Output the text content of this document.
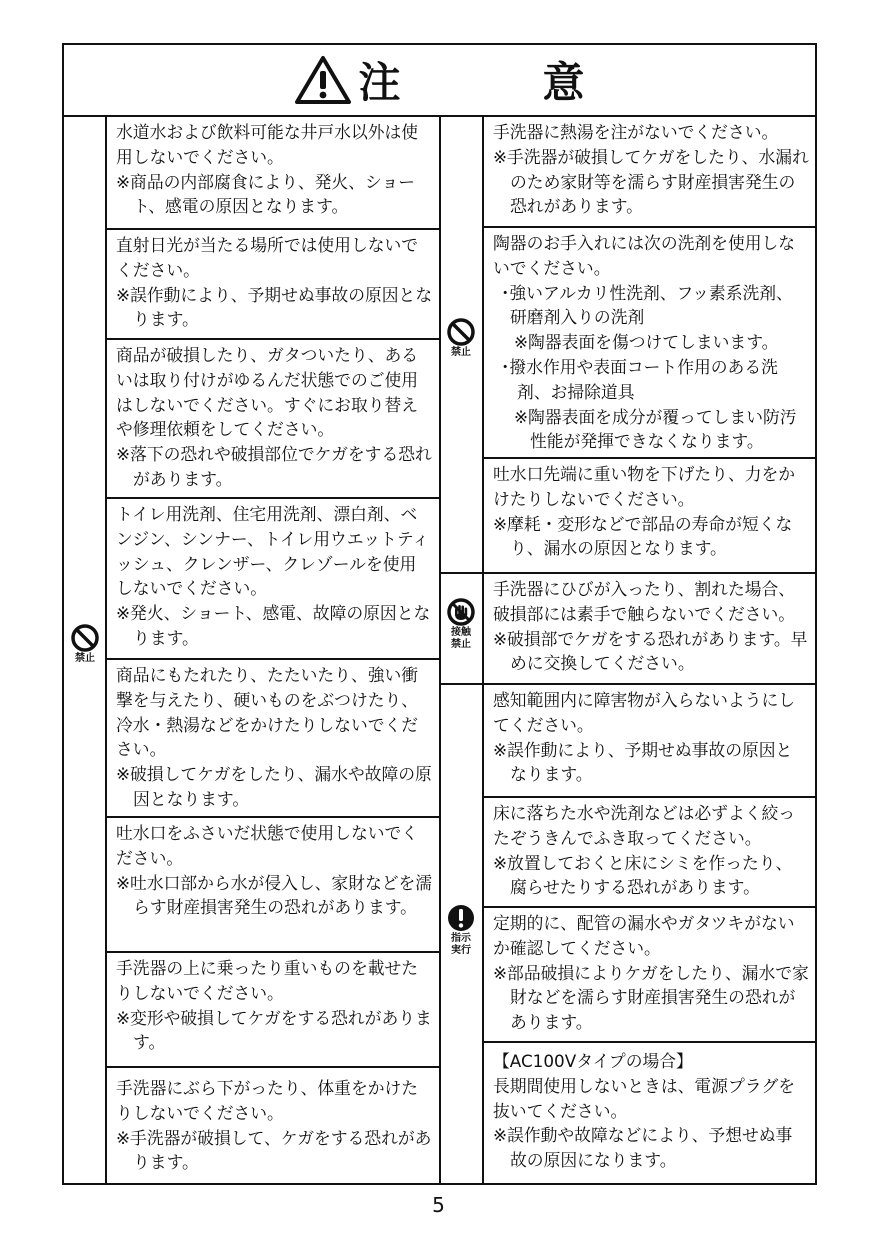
注　意
禁止
禁止
接触禁止
指示実行

水道水および飲料可能な井戸水以外は使用しないでください。

※商品の内部腐食により、発火、ショート、感電の原因となります。

直射日光が当たる場所では使用しないでください。

※誤作動により、予期せぬ事故の原因となります。

商品が破損したり、ガタついたり、あるいは取り付けがゆるんだ状態でのご使用はしないでください。すぐにお取り替えや修理依頼をしてください。

※落下の恐れや破損部位でケガをする恐れがあります。

トイレ用洗剤、住宅用洗剤、漂白剤、ベンジン、シンナー、トイレ用ウエットティッシュ、クレンザー、クレゾールを使用しないでください。

※発火、ショート、感電、故障の原因となります。

商品にもたれたり、たたいたり、強い衝撃を与えたり、硬いものをぶつけたり、冷水・熱湯などをかけたりしないでください。

※破損してケガをしたり、漏水や故障の原因となります。

吐水口をふさいだ状態で使用しないでください。

※吐水口部から水が侵入し、家財などを濡らす財産損害発生の恐れがあります。

手洗器の上に乗ったり重いものを載せたりしないでください。

※変形や破損してケガをする恐れがあります。

手洗器にぶら下がったり、体重をかけたりしないでください。

※手洗器が破損して、ケガをする恐れがあります。

手洗器に熱湯を注がないでください。

※手洗器が破損してケガをしたり、水漏れのため家財等を濡らす財産損害発生の恐れがあります。

陶器のお手入れには次の洗剤を使用しないでください。

･強いアルカリ性洗剤、フッ素系洗剤、

研磨剤入りの洗剤

※陶器表面を傷つけてしまいます。

･撥水作用や表面コート作用のある洗剤、お掃除道具

※陶器表面を成分が覆ってしまい防汚性能が発揮できなくなります。

吐水口先端に重い物を下げたり、力をかけたりしないでください。

※摩耗・変形などで部品の寿命が短くなり、漏水の原因となります。

手洗器にひびが入ったり、割れた場合、破損部には素手で触らないでください。

※破損部でケガをする恐れがあります。早めに交換してください。

感知範囲内に障害物が入らないようにしてください。

※誤作動により、予期せぬ事故の原因となります。

床に落ちた水や洗剤などは必ずよく絞ったぞうきんでふき取ってください。

※放置しておくと床にシミを作ったり、腐らせたりする恐れがあります。

定期的に、配管の漏水やガタツキがないか確認してください。

※部品破損によりケガをしたり、漏水で家財などを濡らす財産損害発生の恐れがあります。

【AC100Vタイプの場合】

長期間使用しないときは、電源プラグを抜いてください。

※誤作動や故障などにより、予想せぬ事故の原因になります。

5
